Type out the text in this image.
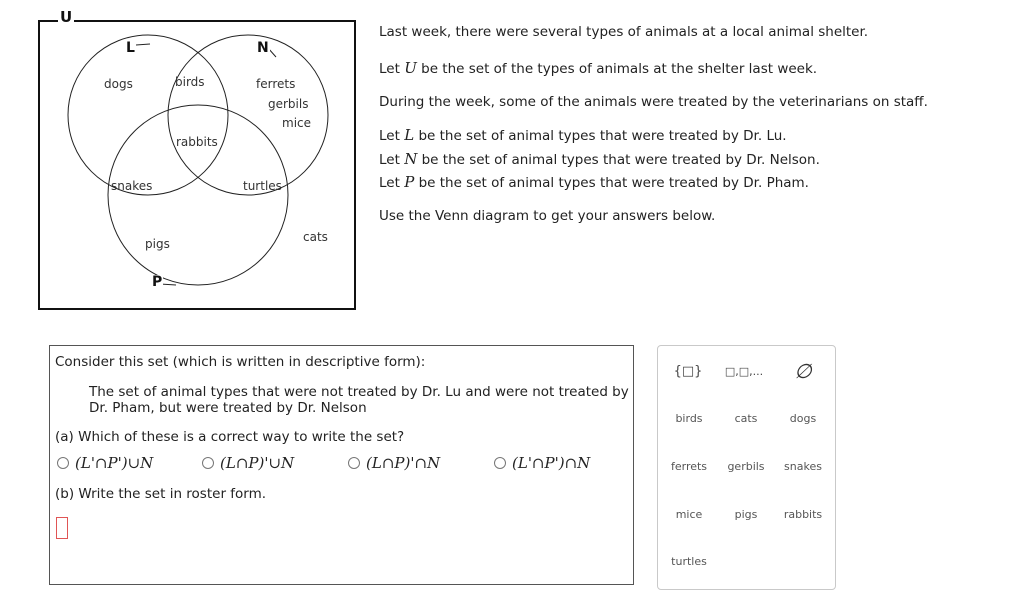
U
L	N
P
dogs	birds	ferrets
gerbils
mice
rabbits
snakes	turtles
cats
pigs
Last week, there were several types of animals at a local animal shelter.
Let U be the set of the types of animals at the shelter last week.
During the week, some of the animals were treated by the veterinarians on staff.
Let L be the set of animal types that were treated by Dr. Lu.
Let N be the set of animal types that were treated by Dr. Nelson.
Let P be the set of animal types that were treated by Dr. Pham.
Use the Venn diagram to get your answers below.
Consider this set (which is written in descriptive form):
The set of animal types that were not treated by Dr. Lu and were not treated by Dr. Pham, but were treated by Dr. Nelson
(a) Which of these is a correct way to write the set?
(L'∩P')∪N	(L∩P)'∪N	(L∩P)'∩N	(L'∩P')∩N
(b) Write the set in roster form.
{□} □,□,... ∅
birds	cats	dogs
ferrets	gerbils	snakes
mice	pigs	rabbits
turtles
